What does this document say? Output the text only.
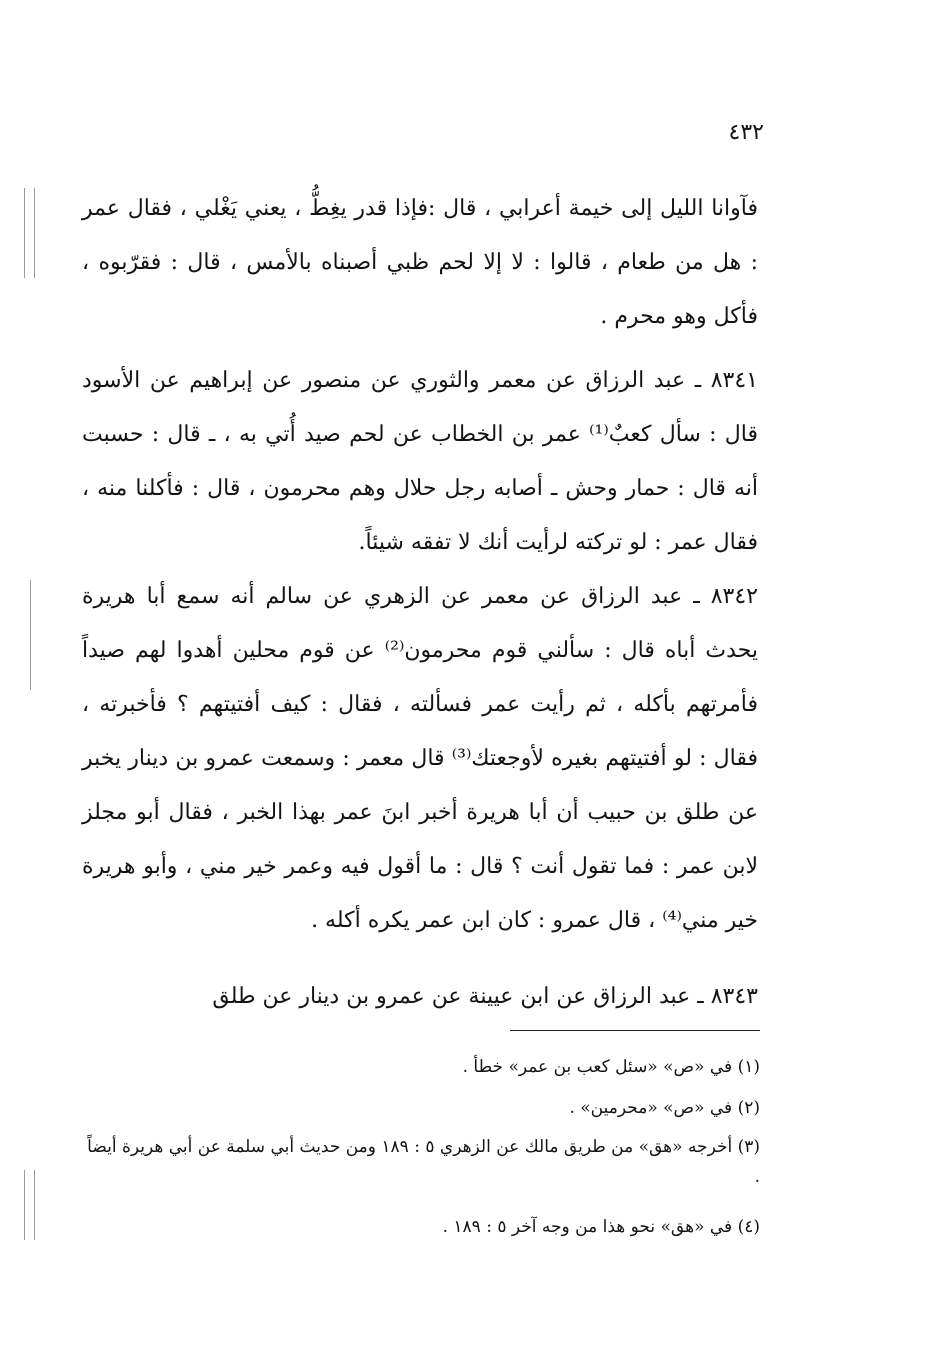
٤٣٢

فآوانا الليل إلى خيمة أعرابي ، قال :فإذا قدر يغِطُّ ، يعني يَغْلي ، فقال عمر : هل من طعام ، قالوا : لا إلا لحم ظبي أصبناه بالأمس ، قال : فقرّبوه ، فأكل وهو محرم .

٨٣٤١ ـ عبد الرزاق عن معمر والثوري عن منصور عن إبراهيم عن الأسود قال : سأل كعبٌ⁽¹⁾ عمر بن الخطاب عن لحم صيد أُتي به ، ـ قال : حسبت أنه قال : حمار وحش ـ أصابه رجل حلال وهم محرمون ، قال : فأكلنا منه ، فقال عمر : لو تركته لرأيت أنك لا تفقه شيئاً.

٨٣٤٢ ـ عبد الرزاق عن معمر عن الزهري عن سالم أنه سمع أبا هريرة يحدث أباه قال : سألني قوم محرمون⁽²⁾ عن قوم محلين أهدوا لهم صيداً فأمرتهم بأكله ، ثم رأيت عمر فسألته ، فقال : كيف أفتيتهم ؟ فأخبرته ، فقال : لو أفتيتهم بغيره لأوجعتك⁽³⁾ قال معمر : وسمعت عمرو بن دينار يخبر عن طلق بن حبيب أن أبا هريرة أخبر ابنَ عمر بهذا الخبر ، فقال أبو مجلز لابن عمر : فما تقول أنت ؟ قال : ما أقول فيه وعمر خير مني ، وأبو هريرة خير مني⁽⁴⁾ ، قال عمرو : كان ابن عمر يكره أكله .

٨٣٤٣ ـ عبد الرزاق عن ابن عيينة عن عمرو بن دينار عن طلق

(١) في «ص» «سئل كعب بن عمر» خطأ .

(٢) في «ص» «محرمين» .

(٣) أخرجه «هق» من طريق مالك عن الزهري ٥ : ١٨٩ ومن حديث أبي سلمة عن أبي هريرة أيضاً .

(٤) في «هق» نحو هذا من وجه آخر ٥ : ١٨٩ .
